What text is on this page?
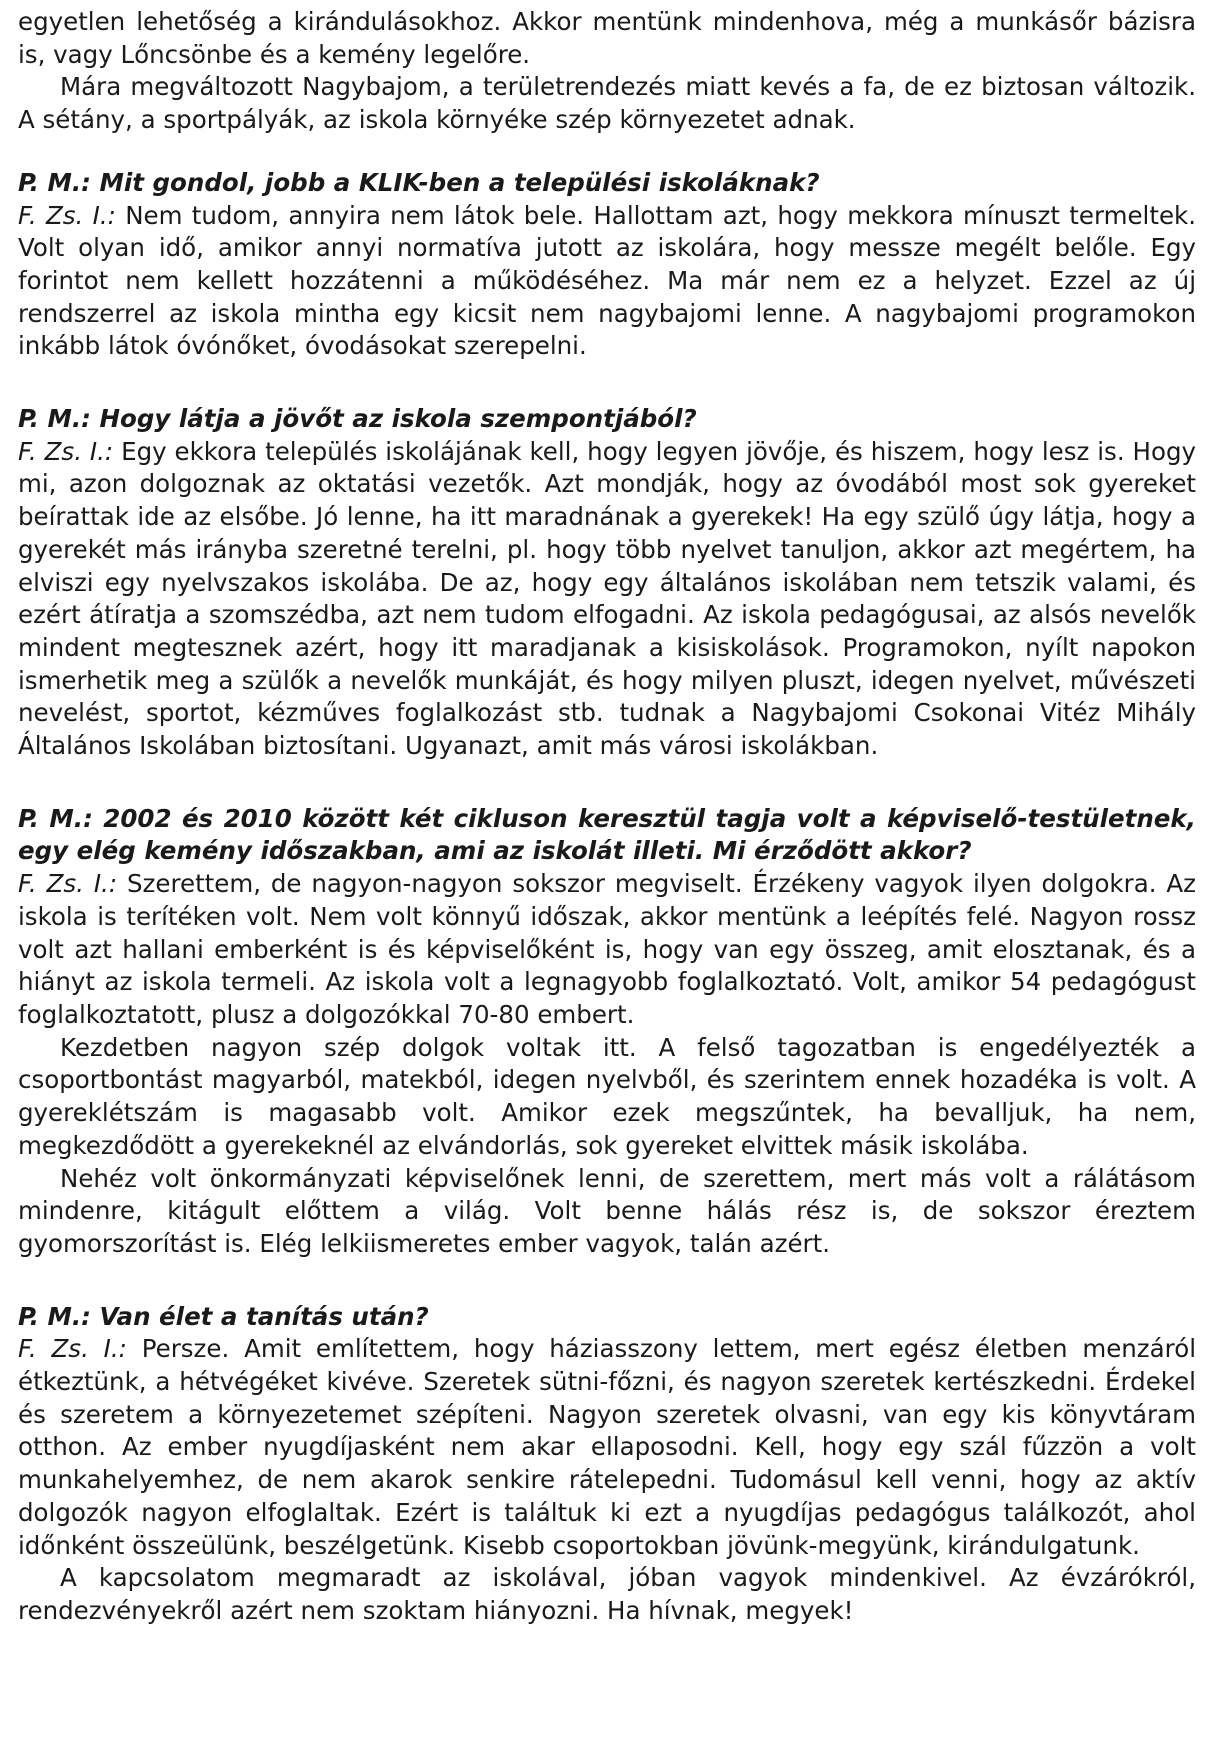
egyetlen lehetőség a kirándulásokhoz. Akkor mentünk mindenhova, még a munkásőr bázisra is, vagy Lőncsönbe és a kemény legelőre.

Mára megváltozott Nagybajom, a területrendezés miatt kevés a fa, de ez biztosan változik. A sétány, a sportpályák, az iskola környéke szép környezetet adnak.

P. M.: Mit gondol, jobb a KLIK-ben a települési iskoláknak?

F. Zs. I.: Nem tudom, annyira nem látok bele. Hallottam azt, hogy mekkora mínuszt termeltek. Volt olyan idő, amikor annyi normatíva jutott az iskolára, hogy messze megélt belőle. Egy forintot nem kellett hozzátenni a működéséhez. Ma már nem ez a helyzet. Ezzel az új rendszerrel az iskola mintha egy kicsit nem nagybajomi lenne. A nagybajomi programokon inkább látok óvónőket, óvodásokat szerepelni.

P. M.: Hogy látja a jövőt az iskola szempontjából?

F. Zs. I.: Egy ekkora település iskolájának kell, hogy legyen jövője, és hiszem, hogy lesz is. Hogy mi, azon dolgoznak az oktatási vezetők. Azt mondják, hogy az óvodából most sok gyereket beírattak ide az elsőbe. Jó lenne, ha itt maradnának a gyerekek! Ha egy szülő úgy látja, hogy a gyerekét más irányba szeretné terelni, pl. hogy több nyelvet tanuljon, akkor azt megértem, ha elviszi egy nyelvszakos iskolába. De az, hogy egy általános iskolában nem tetszik valami, és ezért átíratja a szomszédba, azt nem tudom elfogadni. Az iskola pedagógusai, az alsós nevelők mindent megtesznek azért, hogy itt maradjanak a kisiskolások. Programokon, nyílt napokon ismerhetik meg a szülők a nevelők munkáját, és hogy milyen pluszt, idegen nyelvet, művészeti nevelést, sportot, kézműves foglalkozást stb. tudnak a Nagybajomi Csokonai Vitéz Mihály Általános Iskolában biztosítani. Ugyanazt, amit más városi iskolákban.

P. M.: 2002 és 2010 között két cikluson keresztül tagja volt a képviselő-testületnek, egy elég kemény időszakban, ami az iskolát illeti. Mi érződött akkor?

F. Zs. I.: Szerettem, de nagyon-nagyon sokszor megviselt. Érzékeny vagyok ilyen dolgokra. Az iskola is terítéken volt. Nem volt könnyű időszak, akkor mentünk a leépítés felé. Nagyon rossz volt azt hallani emberként is és képviselőként is, hogy van egy összeg, amit elosztanak, és a hiányt az iskola termeli. Az iskola volt a legnagyobb foglalkoztató. Volt, amikor 54 pedagógust foglalkoztatott, plusz a dolgozókkal 70-80 embert.

Kezdetben nagyon szép dolgok voltak itt. A felső tagozatban is engedélyezték a csoportbontást magyarból, matekból, idegen nyelvből, és szerintem ennek hozadéka is volt. A gyereklétszám is magasabb volt. Amikor ezek megszűntek, ha bevalljuk, ha nem, megkezdődött a gyerekeknél az elvándorlás, sok gyereket elvittek másik iskolába.

Nehéz volt önkormányzati képviselőnek lenni, de szerettem, mert más volt a rálátásom mindenre, kitágult előttem a világ. Volt benne hálás rész is, de sokszor éreztem gyomorszorítást is. Elég lelkiismeretes ember vagyok, talán azért.

P. M.: Van élet a tanítás után?

F. Zs. I.: Persze. Amit említettem, hogy háziasszony lettem, mert egész életben menzáról étkeztünk, a hétvégéket kivéve. Szeretek sütni-főzni, és nagyon szeretek kertészkedni. Érdekel és szeretem a környezetemet szépíteni. Nagyon szeretek olvasni, van egy kis könyvtáram otthon. Az ember nyugdíjasként nem akar ellaposodni. Kell, hogy egy szál fűzzön a volt munkahelyemhez, de nem akarok senkire rátelepedni. Tudomásul kell venni, hogy az aktív dolgozók nagyon elfoglaltak. Ezért is találtuk ki ezt a nyugdíjas pedagógus találkozót, ahol időnként összeülünk, beszélgetünk. Kisebb csoportokban jövünk-megyünk, kirándulgatunk.

A kapcsolatom megmaradt az iskolával, jóban vagyok mindenkivel. Az évzárókról, rendezvényekről azért nem szoktam hiányozni. Ha hívnak, megyek!
